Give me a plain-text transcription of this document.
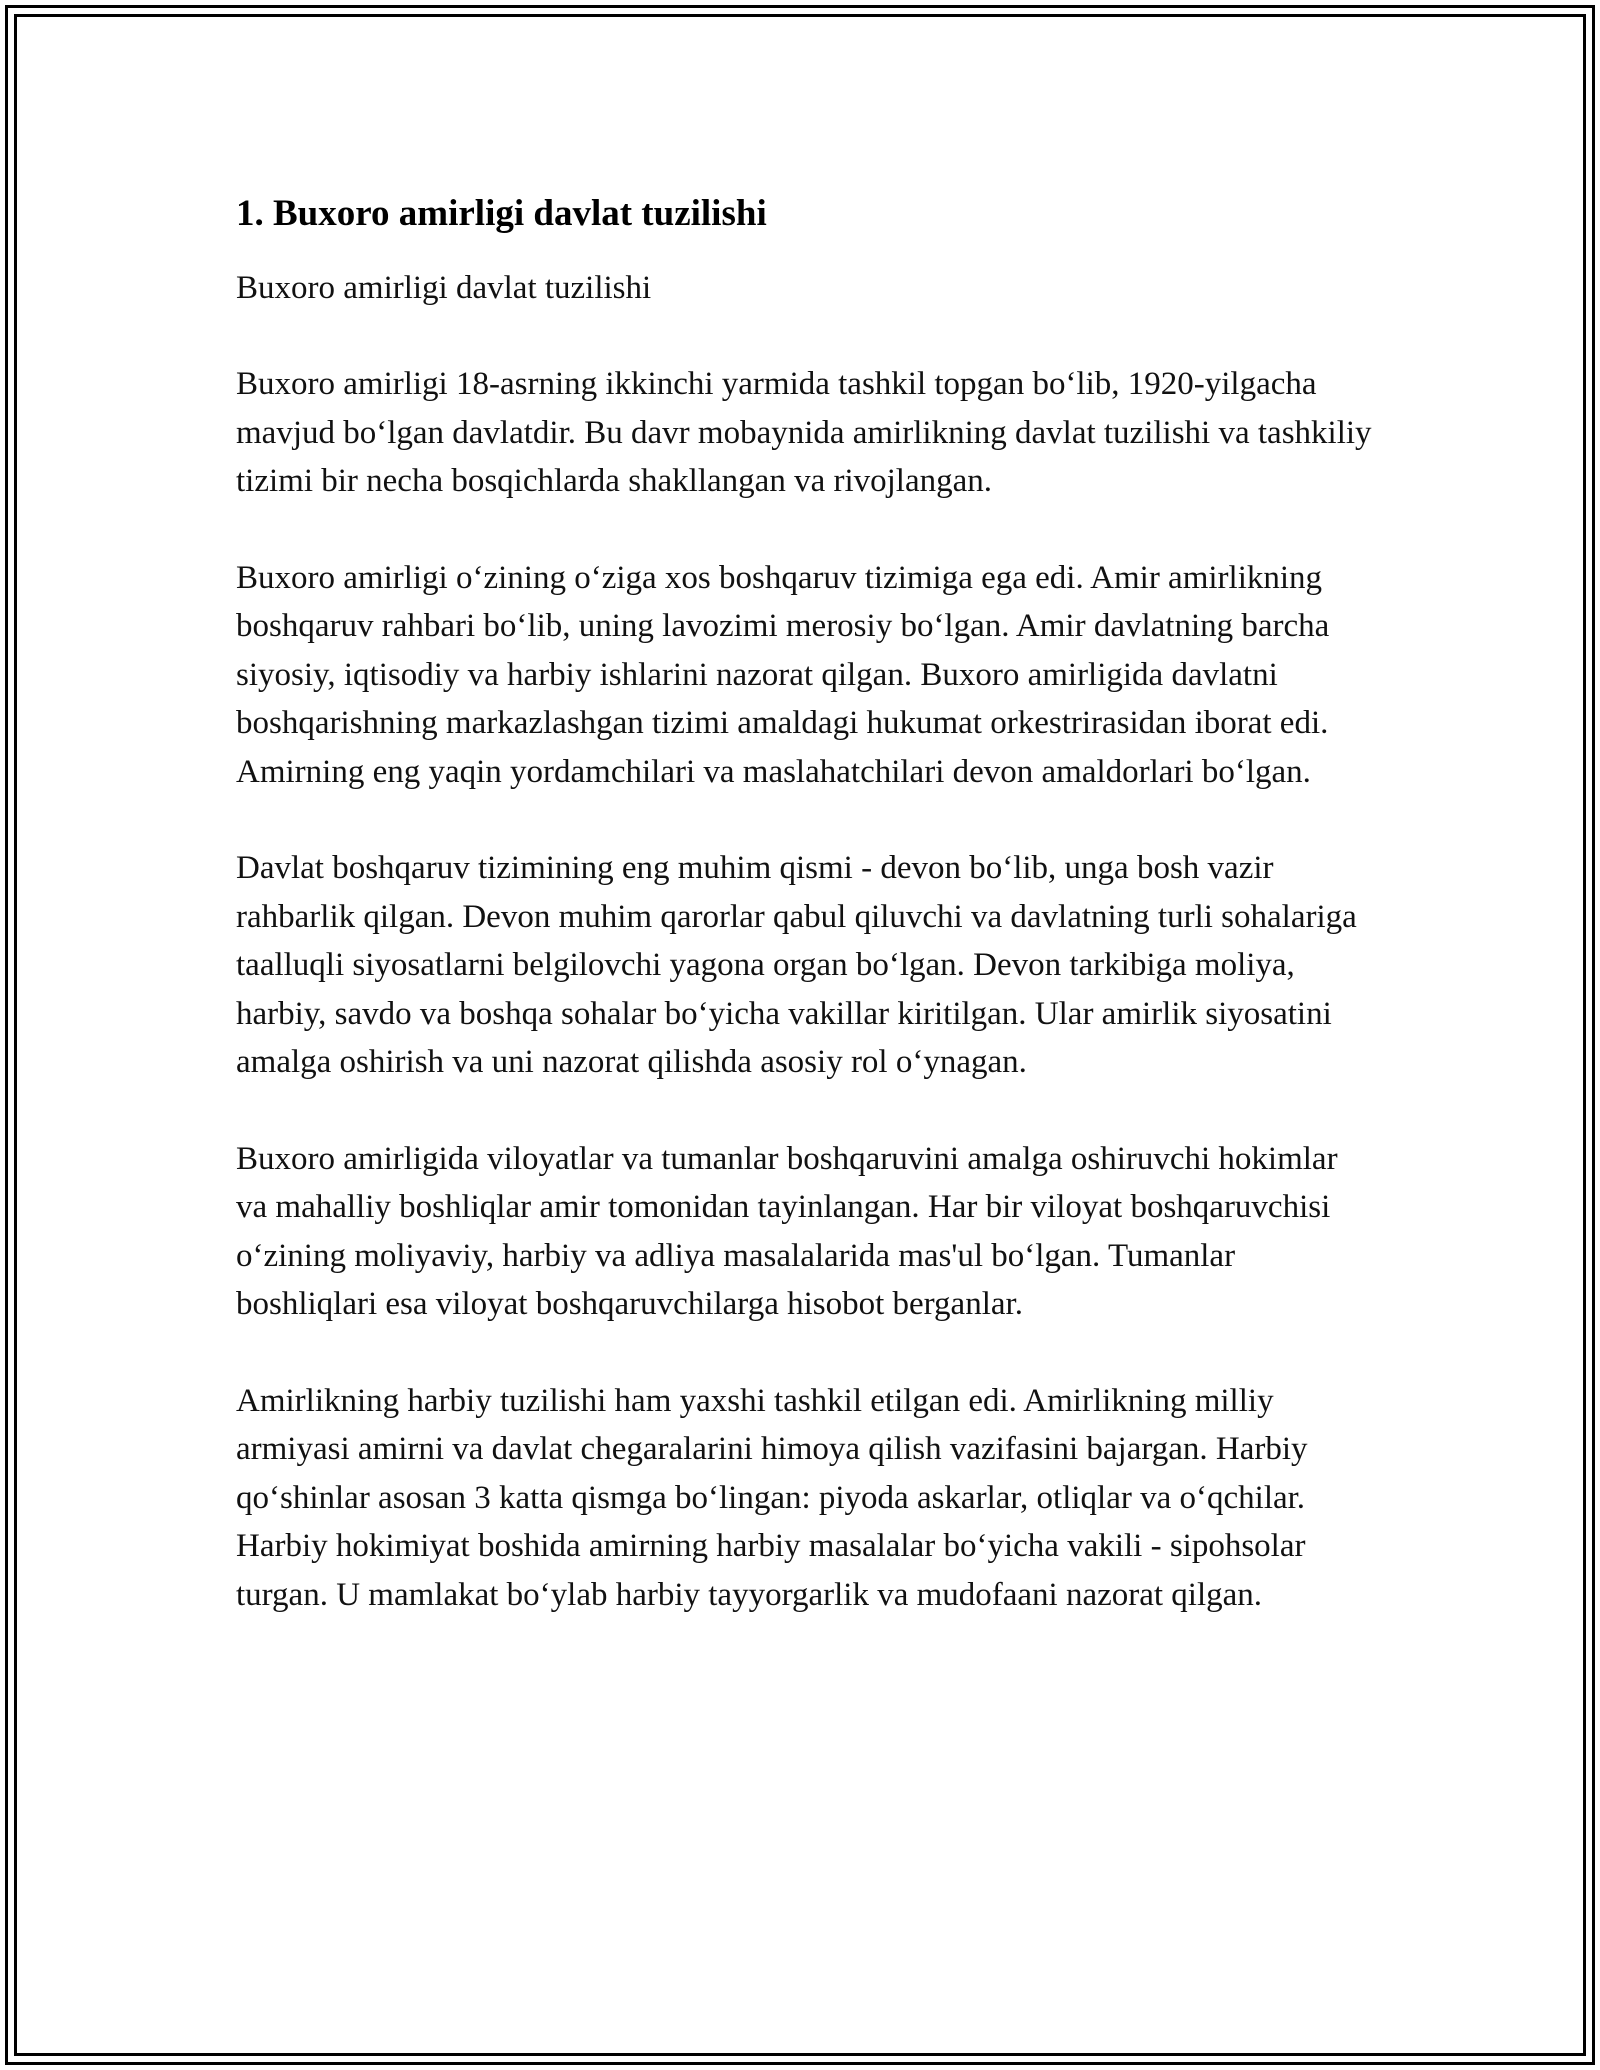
1. Buxoro amirligi davlat tuzilishi

Buxoro amirligi davlat tuzilishi

Buxoro amirligi 18-asrning ikkinchi yarmida tashkil topgan bo‘lib, 1920-yilgacha mavjud bo‘lgan davlatdir. Bu davr mobaynida amirlikning davlat tuzilishi va tashkiliy tizimi bir necha bosqichlarda shakllangan va rivojlangan.

Buxoro amirligi o‘zining o‘ziga xos boshqaruv tizimiga ega edi. Amir amirlikning boshqaruv rahbari bo‘lib, uning lavozimi merosiy bo‘lgan. Amir davlatning barcha siyosiy, iqtisodiy va harbiy ishlarini nazorat qilgan. Buxoro amirligida davlatni boshqarishning markazlashgan tizimi amaldagi hukumat orkestrirasidan iborat edi. Amirning eng yaqin yordamchilari va maslahatchilari devon amaldorlari bo‘lgan.

Davlat boshqaruv tizimining eng muhim qismi - devon bo‘lib, unga bosh vazir rahbarlik qilgan. Devon muhim qarorlar qabul qiluvchi va davlatning turli sohalariga taalluqli siyosatlarni belgilovchi yagona organ bo‘lgan. Devon tarkibiga moliya, harbiy, savdo va boshqa sohalar bo‘yicha vakillar kiritilgan. Ular amirlik siyosatini amalga oshirish va uni nazorat qilishda asosiy rol o‘ynagan.

Buxoro amirligida viloyatlar va tumanlar boshqaruvini amalga oshiruvchi hokimlar va mahalliy boshliqlar amir tomonidan tayinlangan. Har bir viloyat boshqaruvchisi o‘zining moliyaviy, harbiy va adliya masalalarida mas'ul bo‘lgan. Tumanlar boshliqlari esa viloyat boshqaruvchilarga hisobot berganlar.

Amirlikning harbiy tuzilishi ham yaxshi tashkil etilgan edi. Amirlikning milliy armiyasi amirni va davlat chegaralarini himoya qilish vazifasini bajargan. Harbiy qo‘shinlar asosan 3 katta qismga bo‘lingan: piyoda askarlar, otliqlar va o‘qchilar. Harbiy hokimiyat boshida amirning harbiy masalalar bo‘yicha vakili - sipohsolar turgan. U mamlakat bo‘ylab harbiy tayyorgarlik va mudofaani nazorat qilgan.
